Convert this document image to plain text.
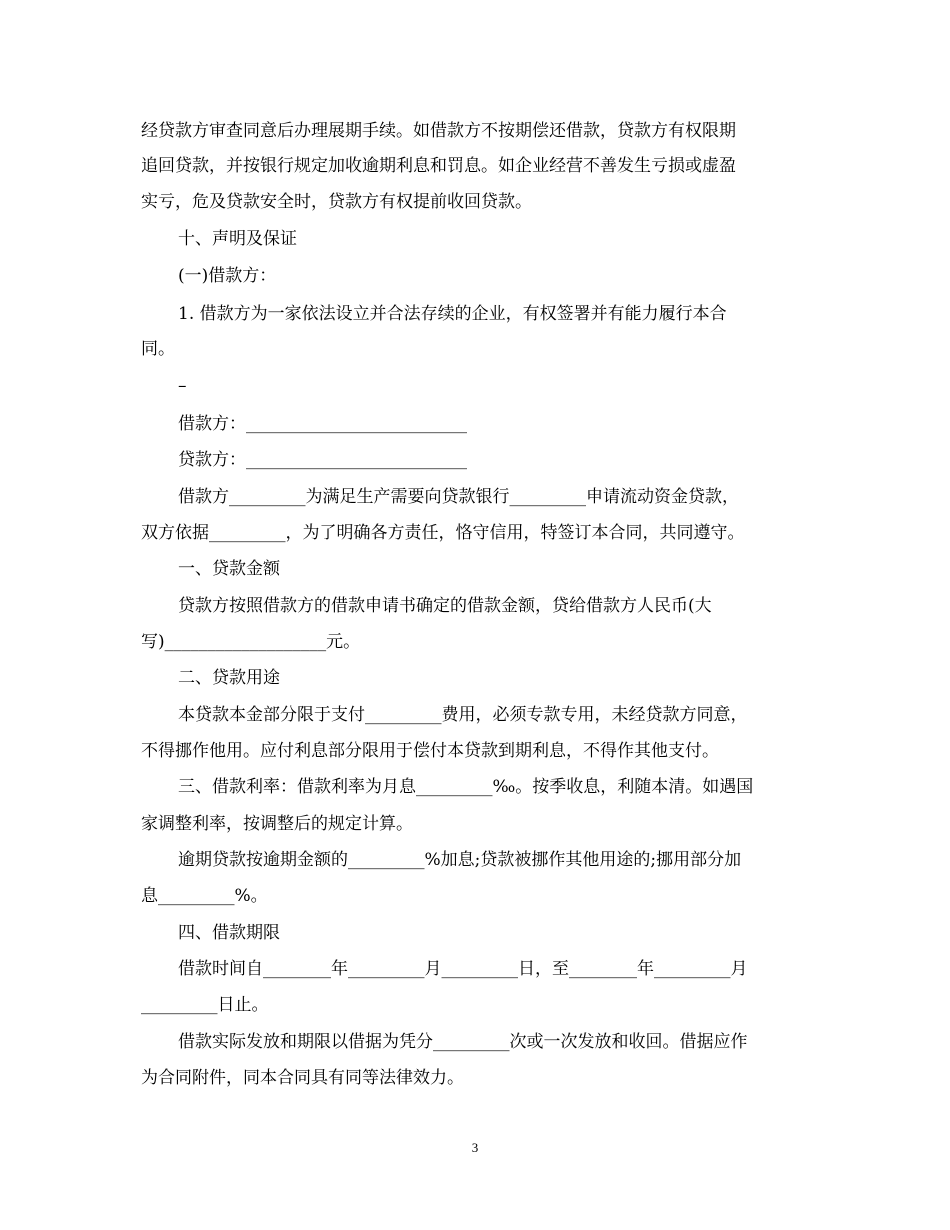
经贷款方审查同意后办理展期手续。如借款方不按期偿还借款，贷款方有权限期
追回贷款，并按银行规定加收逾期利息和罚息。如企业经营不善发生亏损或虚盈
实亏，危及贷款安全时，贷款方有权提前收回贷款。
十、声明及保证
(一)借款方：
1. 借款方为一家依法设立并合法存续的企业，有权签署并有能力履行本合
同。
–
借款方：__________________________
贷款方：__________________________
借款方_________为满足生产需要向贷款银行_________申请流动资金贷款，
双方依据_________，为了明确各方责任，恪守信用，特签订本合同，共同遵守。
一、贷款金额
贷款方按照借款方的借款申请书确定的借款金额，贷给借款方人民币(大
写)___________________元。
二、贷款用途
本贷款本金部分限于支付_________费用，必须专款专用，未经贷款方同意，
不得挪作他用。应付利息部分限用于偿付本贷款到期利息，不得作其他支付。
三、借款利率：借款利率为月息_________‰。按季收息，利随本清。如遇国
家调整利率，按调整后的规定计算。
逾期贷款按逾期金额的_________%加息;贷款被挪作其他用途的;挪用部分加
息_________%。
四、借款期限
借款时间自________年_________月_________日，至________年_________月
_________日止。
借款实际发放和期限以借据为凭分_________次或一次发放和收回。借据应作
为合同附件，同本合同具有同等法律效力。
3
